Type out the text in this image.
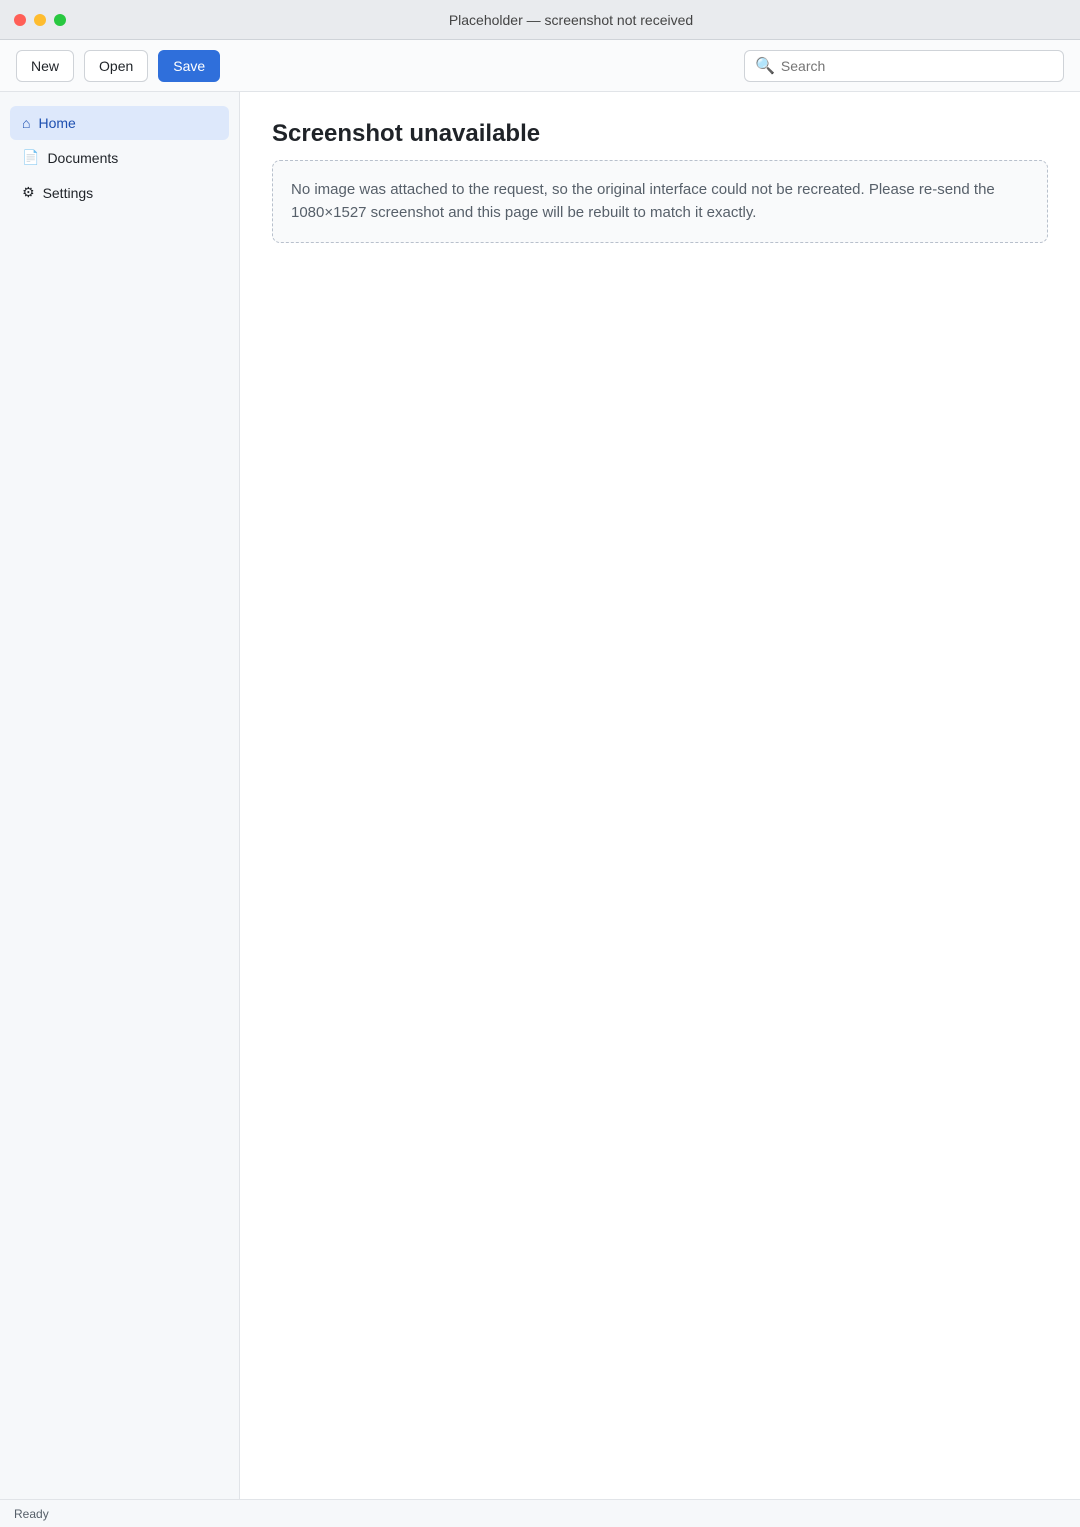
Placeholder — screenshot not received
New	Open	Save	🔍
Search
⌂ Home
📄 Documents
⚙ Settings
Screenshot unavailable

No image was attached to the request, so the original interface could not be recreated. Please re-send the 1080×1527 screenshot and this page will be rebuilt to match it exactly.

Ready
